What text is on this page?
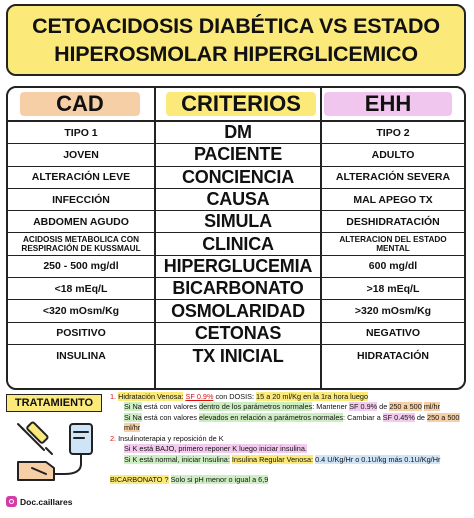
CETOACIDOSIS DIABÉTICA VS ESTADO
HIPEROSMOLAR HIPERGLICEMICO
CAD	CRITERIOS	EHH
TIPO 1	DM	TIPO 2
JOVEN	PACIENTE	ADULTO
ALTERACIÓN LEVE	CONCIENCIA	ALTERACIÓN SEVERA
INFECCIÓN	CAUSA	MAL APEGO TX
ABDOMEN AGUDO	SIMULA	DESHIDRATACIÓN
ACIDOSIS METABOLICA CON RESPIRACIÓN DE KUSSMAUL	CLINICA	ALTERACION DEL ESTADO MENTAL
250 - 500 mg/dl	HIPERGLUCEMIA	600 mg/dl
<18 mEq/L	BICARBONATO	>18 mEq/L
<320 mOsm/Kg	OSMOLARIDAD	>320 mOsm/Kg
POSITIVO	CETONAS	NEGATIVO
INSULINA	TX INICIAL	HIDRATACIÓN
TRATAMIENTO
Doc.caillares

1. Hidratación Venosa: SF 0.9% con DOSIS: 15 a 20 ml/Kg en la 1ra hora luego

Si Na está con valores dentro de los parámetros normales: Mantener SF 0.9% de 250 a 500 ml/hr

Si Na está con valores elevados en relación a parámetros normales: Cambiar a SF 0.45% de 250 a 500 ml/hr

2. Insulinoterapia y reposición de K

Si K está BAJO, primero reponer K luego iniciar insulina.

Si K está normal, iniciar Insulina: Insulina Regular Venosa: 0.4 U/Kg/Hr o 0.1U/kg más 0.1U/Kg/Hr

BICARBONATO ? Solo si pH menor o igual a 6,9
